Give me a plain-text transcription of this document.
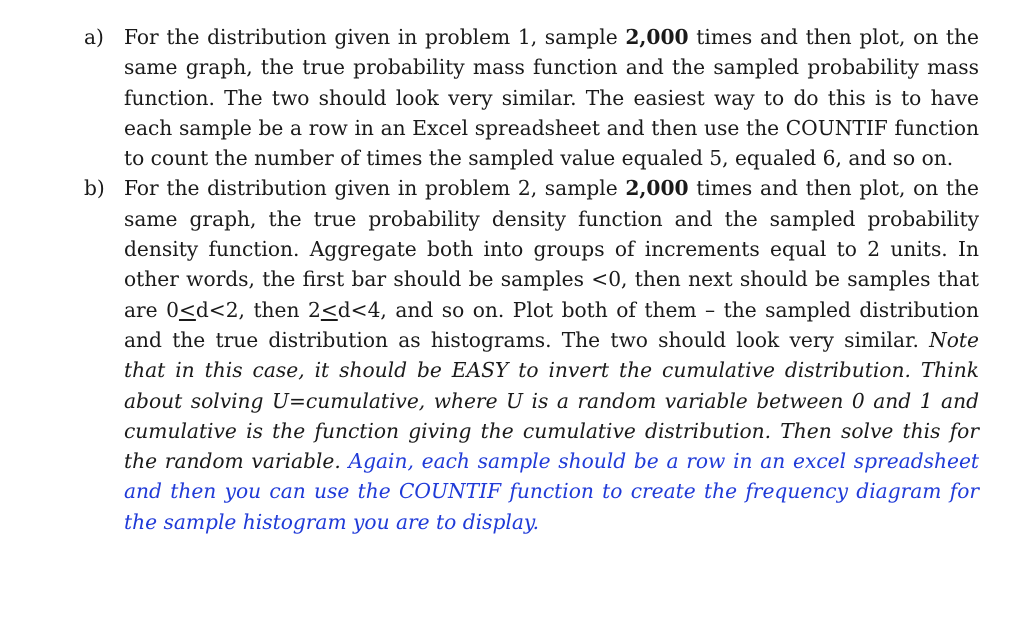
a) For the distribution given in problem 1, sample 2,000 times and then plot, on the same graph, the true probability mass function and the sampled probability mass function. The two should look very similar. The easiest way to do this is to have each sample be a row in an Excel spreadsheet and then use the COUNTIF function to count the number of times the sampled value equaled 5, equaled 6, and so on.
b) For the distribution given in problem 2, sample 2,000 times and then plot, on the same graph, the true probability density function and the sampled probability density function. Aggregate both into groups of increments equal to 2 units. In other words, the first bar should be samples <0, then next should be samples that are 0<d<2, then 2<d<4, and so on. Plot both of them – the sampled distribution and the true distribution as histograms. The two should look very similar. Note that in this case, it should be EASY to invert the cumulative distribution. Think about solving U=cumulative, where U is a random variable between 0 and 1 and cumulative is the function giving the cumulative distribution. Then solve this for the random variable. Again, each sample should be a row in an excel spreadsheet and then you can use the COUNTIF function to create the frequency diagram for the sample histogram you are to display.
